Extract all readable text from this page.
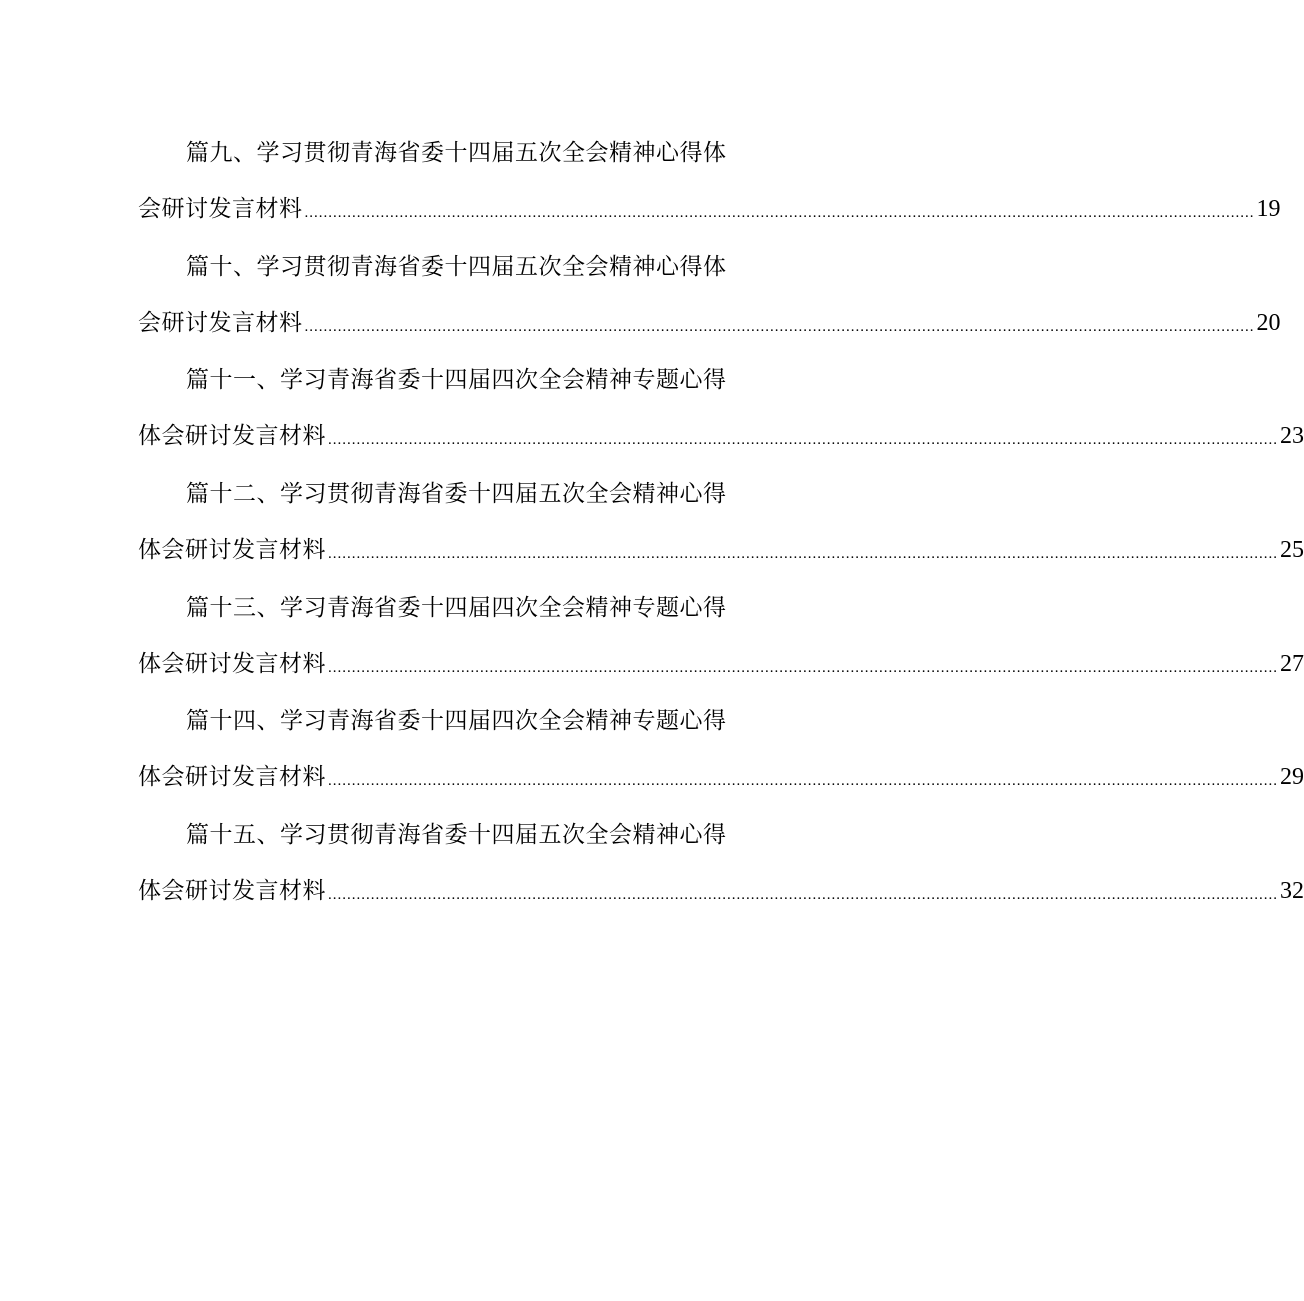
篇九、学习贯彻青海省委十四届五次全会精神心得体
会研讨发言材料 ........................................................................................................................................................................................................ 19
篇十、学习贯彻青海省委十四届五次全会精神心得体
会研讨发言材料 ........................................................................................................................................................................................................ 20
篇十一、学习青海省委十四届四次全会精神专题心得
体会研讨发言材料 ........................................................................................................................................................................................................ 23
篇十二、学习贯彻青海省委十四届五次全会精神心得
体会研讨发言材料 ........................................................................................................................................................................................................ 25
篇十三、学习青海省委十四届四次全会精神专题心得
体会研讨发言材料 ........................................................................................................................................................................................................ 27
篇十四、学习青海省委十四届四次全会精神专题心得
体会研讨发言材料 ........................................................................................................................................................................................................ 29
篇十五、学习贯彻青海省委十四届五次全会精神心得
体会研讨发言材料 ........................................................................................................................................................................................................ 32
